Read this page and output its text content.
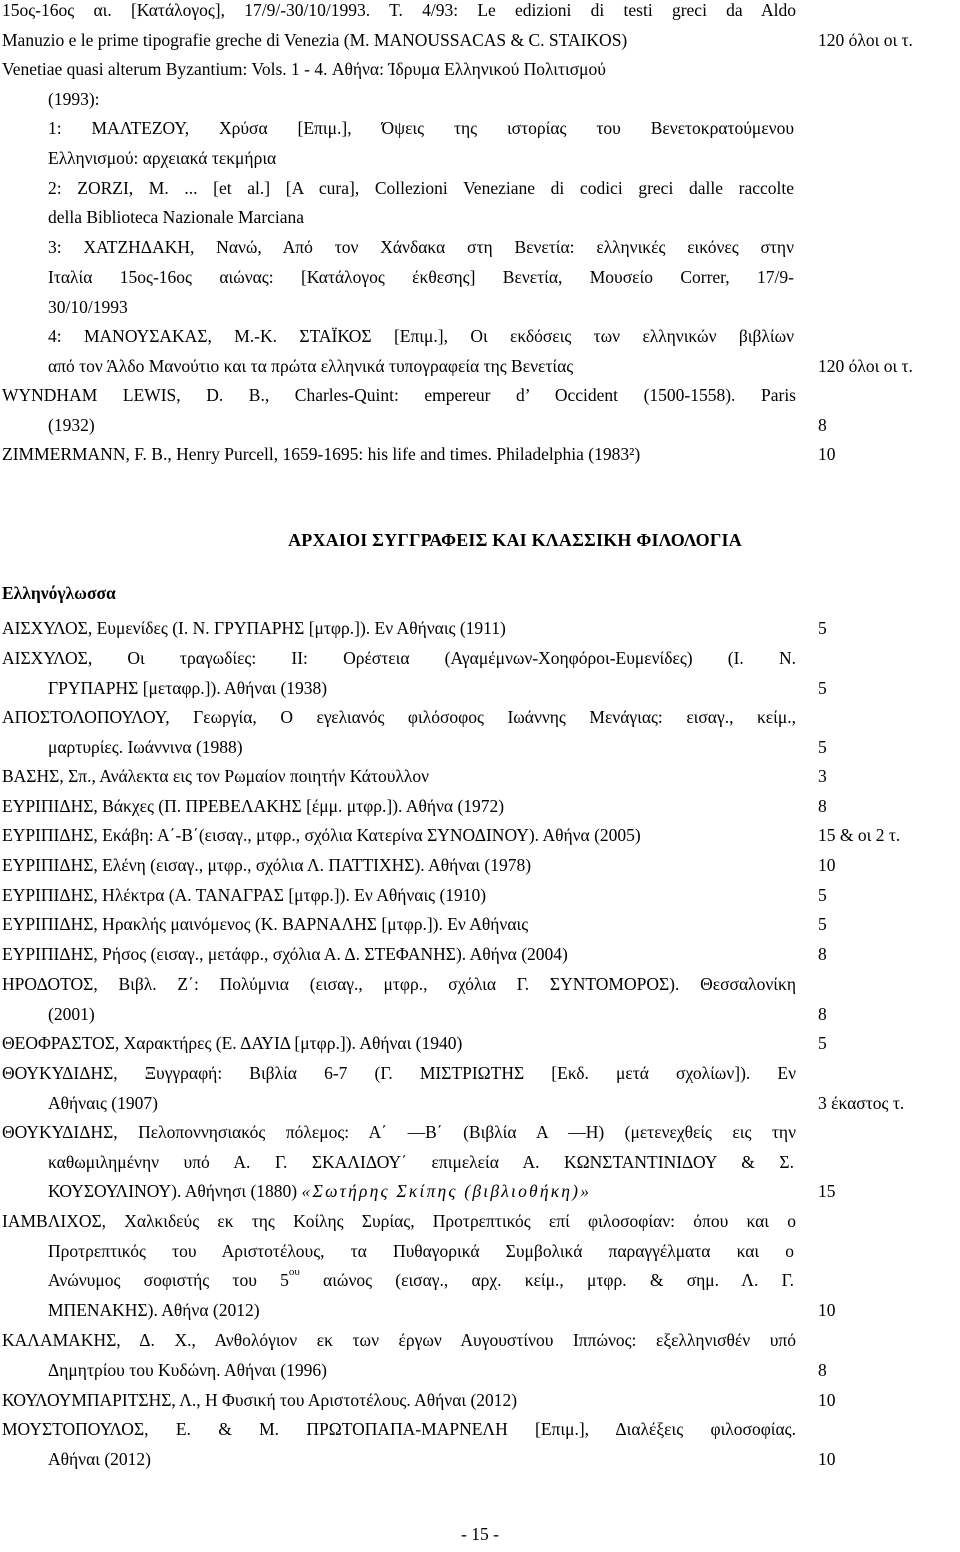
15ος-16ος αι. [Κατάλογος], 17/9/-30/10/1993. Τ. 4/93: Le edizioni di testi greci da Aldo
Manuzio e le prime tipografie greche di Venezia (M. MANOUSSACAS & C. STAIKOS)	120 όλοι οι τ.
Venetiae quasi alterum Byzantium: Vols. 1 - 4. Αθήνα: Ίδρυμα Ελληνικού Πολιτισμού
(1993):
1: ΜΑΛΤΕΖΟΥ, Χρύσα [Επιμ.], Όψεις της ιστορίας του Βενετοκρατούμενου
Ελληνισμού: αρχειακά τεκμήρια
2: ZORZI, M. ... [et al.] [A cura], Collezioni Veneziane di codici greci dalle raccolte
della Biblioteca Nazionale Marciana
3: ΧΑΤΖΗΔΑΚΗ, Νανώ, Από τον Χάνδακα στη Βενετία: ελληνικές εικόνες στην
Ιταλία 15ος-16ος αιώνας: [Κατάλογος έκθεσης] Βενετία, Μουσείο Correr, 17/9-
30/10/1993
4: ΜΑΝΟΥΣΑΚΑΣ, Μ.-Κ. ΣΤΑΪΚΟΣ [Επιμ.], Οι εκδόσεις των ελληνικών βιβλίων
από τον Άλδο Μανούτιο και τα πρώτα ελληνικά τυπογραφεία της Βενετίας	120 όλοι οι τ.
WYNDHAM LEWIS, D. B., Charles-Quint: empereur d’ Occident (1500-1558). Paris
(1932)	8
ZIMMERMANN, F. B., Henry Purcell, 1659-1695: his life and times. Philadelphia (1983²)	10
ΑΡΧΑΙΟΙ ΣΥΓΓΡΑΦΕΙΣ ΚΑΙ ΚΛΑΣΣΙΚΗ ΦΙΛΟΛΟΓΙΑ
Ελληνόγλωσσα
ΑΙΣΧΥΛΟΣ, Ευμενίδες (Ι. Ν. ΓΡΥΠΑΡΗΣ [μτφρ.]). Εν Αθήναις (1911)	5
ΑΙΣΧΥΛΟΣ, Οι τραγωδίες: ΙΙ: Ορέστεια (Αγαμέμνων-Χοηφόροι-Ευμενίδες) (Ι. Ν.
ΓΡΥΠΑΡΗΣ [μεταφρ.]). Αθήναι (1938)	5
ΑΠΟΣΤΟΛΟΠΟΥΛΟΥ, Γεωργία, Ο εγελιανός φιλόσοφος Ιωάννης Μενάγιας: εισαγ., κείμ.,
μαρτυρίες. Ιωάννινα (1988)	5
ΒΑΣΗΣ, Σπ., Ανάλεκτα εις τον Ρωμαίον ποιητήν Κάτουλλον	3
ΕΥΡΙΠΙΔΗΣ, Βάκχες (Π. ΠΡΕΒΕΛΑΚΗΣ [έμμ. μτφρ.]). Αθήνα (1972)	8
ΕΥΡΙΠΙΔΗΣ, Εκάβη: Α΄-Β΄(εισαγ., μτφρ., σχόλια Κατερίνα ΣΥΝΟΔΙΝΟΥ). Αθήνα (2005)	15 & οι 2 τ.
ΕΥΡΙΠΙΔΗΣ, Ελένη (εισαγ., μτφρ., σχόλια Λ. ΠΑΤΤΙΧΗΣ). Αθήναι (1978)	10
ΕΥΡΙΠΙΔΗΣ, Ηλέκτρα (Α. ΤΑΝΑΓΡΑΣ [μτφρ.]). Εν Αθήναις (1910)	5
ΕΥΡΙΠΙΔΗΣ, Ηρακλής μαινόμενος (Κ. ΒΑΡΝΑΛΗΣ [μτφρ.]). Εν Αθήναις	5
ΕΥΡΙΠΙΔΗΣ, Ρήσος (εισαγ., μετάφρ., σχόλια Α. Δ. ΣΤΕΦΑΝΗΣ). Αθήνα (2004)	8
ΗΡΟΔΟΤΟΣ, Βιβλ. Ζ΄: Πολύμνια (εισαγ., μτφρ., σχόλια Γ. ΣΥΝΤΟΜΟΡΟΣ). Θεσσαλονίκη
(2001)	8
ΘΕΟΦΡΑΣΤΟΣ, Χαρακτήρες (Ε. ΔΑΥΙΔ [μτφρ.]). Αθήναι (1940)	5
ΘΟΥΚΥΔΙΔΗΣ, Ξυγγραφή: Βιβλία 6-7 (Γ. ΜΙΣΤΡΙΩΤΗΣ [Εκδ. μετά σχολίων]). Εν
Αθήναις (1907)	3 έκαστος τ.
ΘΟΥΚΥΔΙΔΗΣ, Πελοποννησιακός πόλεμος: Α΄ —Β΄ (Βιβλία Α —Η) (μετενεχθείς εις την
καθωμιλημένην υπό Α. Γ. ΣΚΑΛΙΔΟΥ΄ επιμελεία Α. ΚΩΝΣΤΑΝΤΙΝΙΔΟΥ & Σ.
ΚΟΥΣΟΥΛΙΝΟΥ). Αθήνησι (1880) «Σωτήρης Σκίπης (βιβλιοθήκη)»	15
ΙΑΜΒΛΙΧΟΣ, Χαλκιδεύς εκ της Κοίλης Συρίας, Προτρεπτικός επί φιλοσοφίαν: όπου και ο
Προτρεπτικός του Αριστοτέλους, τα Πυθαγορικά Συμβολικά παραγγέλματα και ο
Ανώνυμος σοφιστής του $5^{o\upsilon}$ αιώνος (εισαγ., αρχ. κείμ., μτφρ. & σημ. Λ. Γ.
ΜΠΕΝΑΚΗΣ). Αθήνα (2012)	10
ΚΑΛΑΜΑΚΗΣ, Δ. Χ., Ανθολόγιον εκ των έργων Αυγουστίνου Ιππώνος: εξελληνισθέν υπό
Δημητρίου του Κυδώνη. Αθήναι (1996)	8
ΚΟΥΛΟΥΜΠΑΡΙΤΣΗΣ, Λ., Η Φυσική του Αριστοτέλους. Αθήναι (2012)	10
ΜΟΥΣΤΟΠΟΥΛΟΣ, Ε. & Μ. ΠΡΩΤΟΠΑΠΑ-ΜΑΡΝΕΛΗ [Επιμ.], Διαλέξεις φιλοσοφίας.
Αθήναι (2012)	10
- 15 -
